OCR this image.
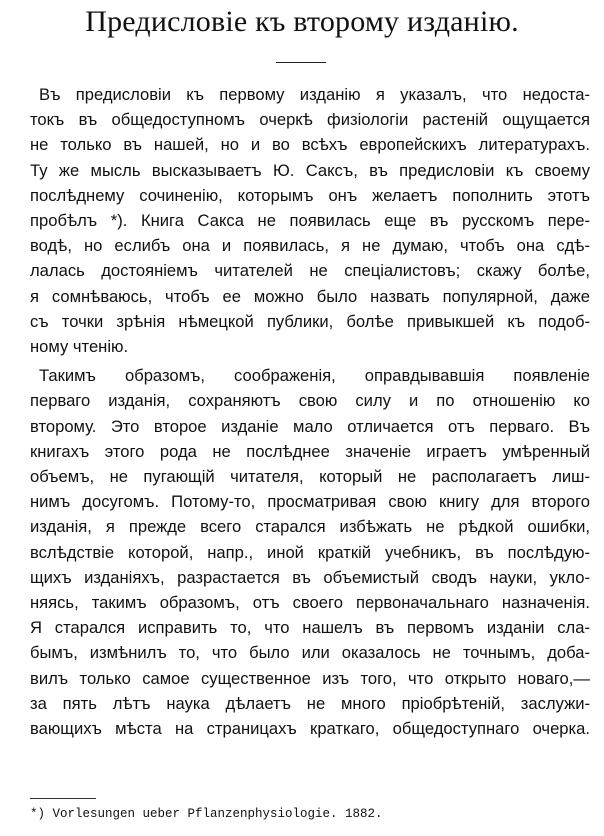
Предисловіе къ второму изданію.

Въ предисловіи къ первому изданію я указалъ, что недоста-
токъ въ общедоступномъ очеркѣ физіологіи растеній ощущается
не только въ нашей, но и во всѣхъ европейскихъ литературахъ.
Ту же мысль высказываетъ Ю. Саксъ, въ предисловіи къ своему
послѣднему сочиненію, которымъ онъ желаетъ пополнить этотъ
пробѣлъ *). Книга Сакса не появилась еще въ русскомъ пере-
водѣ, но еслибъ она и появилась, я не думаю, чтобъ она сдѣ-
лалась достояніемъ читателей не спеціалистовъ; скажу болѣе,
я сомнѣваюсь, чтобъ ее можно было назвать популярной, даже
съ точки зрѣнія нѣмецкой публики, болѣе привыкшей къ подоб-
ному чтенію.

Такимъ образомъ, соображенія, оправдывавшія появленіе
перваго изданія, сохраняютъ свою силу и по отношенію ко
второму. Это второе изданіе мало отличается отъ перваго. Въ
книгахъ этого рода не послѣднее значеніе играетъ умѣренный
объемъ, не пугающій читателя, который не располагаетъ лиш-
нимъ досугомъ. Потому-то, просматривая свою книгу для второго
изданія, я прежде всего старался избѣжать не рѣдкой ошибки,
вслѣдствіе которой, напр., иной краткій учебникъ, въ послѣдую-
щихъ изданіяхъ, разрастается въ объемистый сводъ науки, укло-
няясь, такимъ образомъ, отъ своего первоначальнаго назначенія.
Я старался исправить то, что нашелъ въ первомъ изданіи сла-
бымъ, измѣнилъ то, что было или оказалось не точнымъ, доба-
вилъ только самое существенное изъ того, что открыто новаго,—
за пять лѣтъ наука дѣлаетъ не много пріобрѣтеній, заслужи-
вающихъ мѣста на страницахъ краткаго, общедоступнаго очерка.

*) Vorlesungen ueber Pflanzenphysiologie. 1882.
